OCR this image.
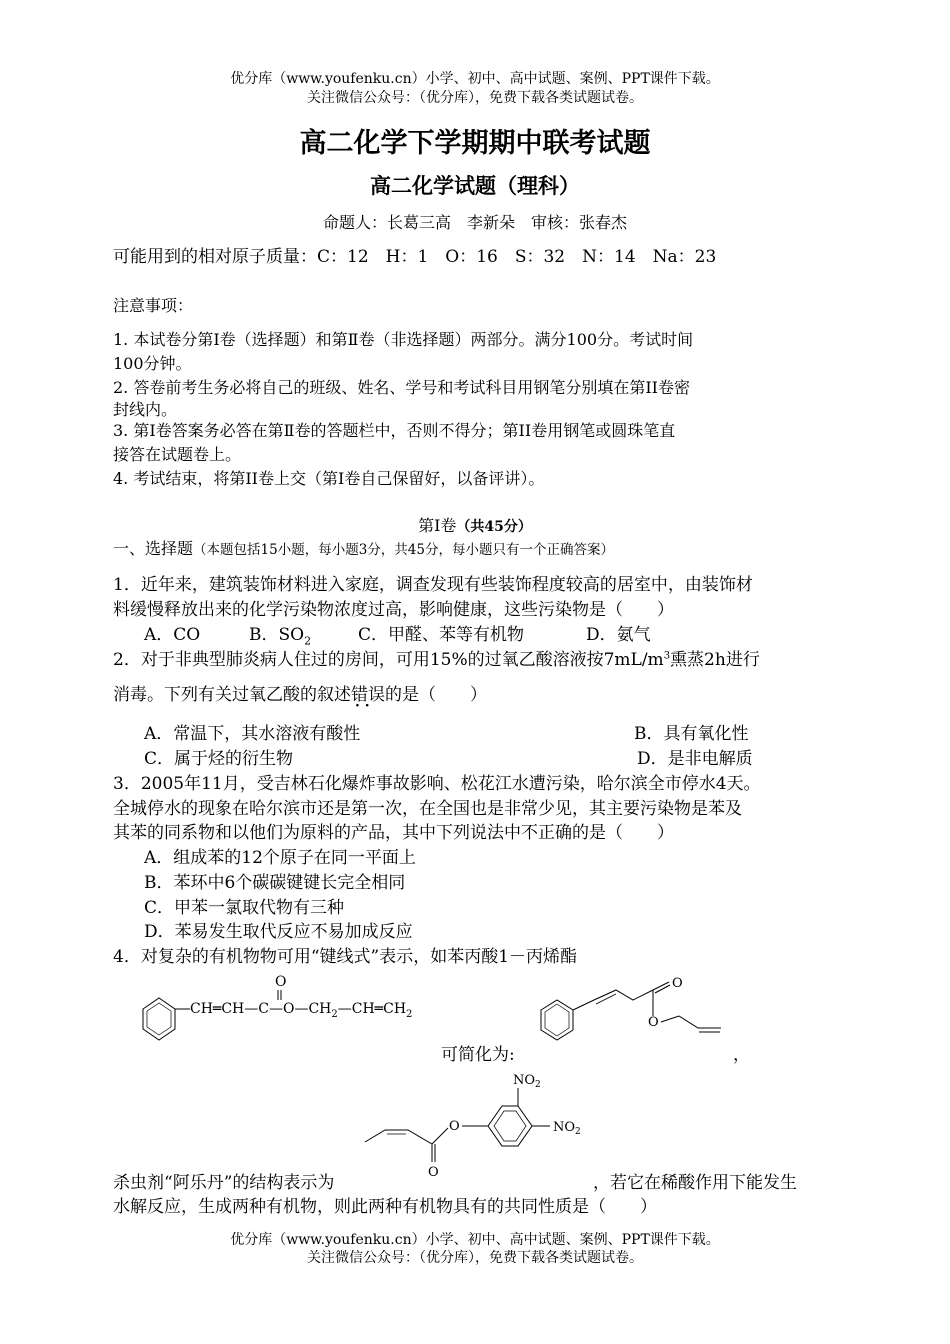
优分库（www.youfenku.cn）小学、初中、高中试题、案例、PPT课件下载。
关注微信公众号：（优分库），免费下载各类试题试卷。
高二化学下学期期中联考试题
高二化学试题（理科）
命题人：长葛三高　李新朵　审核：张春杰
可能用到的相对原子质量：C：12　H：1　O：16　S：32　N：14　Na：23
注意事项：
1. 本试卷分第Ⅰ卷（选择题）和第Ⅱ卷（非选择题）两部分。满分100分。考试时间
100分钟。
2. 答卷前考生务必将自己的班级、姓名、学号和考试科目用钢笔分别填在第II卷密
封线内。
3. 第Ⅰ卷答案务必答在第Ⅱ卷的答题栏中，否则不得分；第II卷用钢笔或圆珠笔直
接答在试题卷上。
4. 考试结束，将第II卷上交（第I卷自己保留好，以备评讲）。
第Ⅰ卷（共45分）
一、选择题（本题包括15小题，每小题3分，共45分，每小题只有一个正确答案）
1．近年来，建筑装饰材料进入家庭，调查发现有些装饰程度较高的居室中，由装饰材
料缓慢释放出来的化学污染物浓度过高，影响健康，这些污染物是（　　）
A．CO	B．$SO_2$	C．甲醛、苯等有机物	D．氨气
2．对于非典型肺炎病人住过的房间，可用15%的过氧乙酸溶液按$7mL/m^3$熏蒸2h进行
消毒。下列有关过氧乙酸的叙述错误 · ·的是（　　）
A．常温下，其水溶液有酸性	B．具有氧化性
C．属于烃的衍生物	D．是非电解质
3．2005年11月，受吉林石化爆炸事故影响、松花江水遭污染，哈尔滨全市停水4天。
全城停水的现象在哈尔滨市还是第一次，在全国也是非常少见，其主要污染物是苯及
其苯的同系物和以他们为原料的产品，其中下列说法中不正确的是（　　）
A．组成苯的12个原子在同一平面上
B．苯环中6个碳碳键键长完全相同
C．甲苯一氯取代物有三种
D．苯易发生取代反应不易加成反应
4．对复杂的有机物物可用“键线式”表示，如苯丙酸1－丙烯酯
O
$CH═CH—C—O—CH_2—CH═CH_2$
O
O
可简化为:	，
$NO_2$
$NO_2$
O
O
杀虫剂“阿乐丹”的结构表示为	，若它在稀酸作用下能发生
水解反应，生成两种有机物，则此两种有机物具有的共同性质是（　　）
优分库（www.youfenku.cn）小学、初中、高中试题、案例、PPT课件下载。
关注微信公众号：（优分库），免费下载各类试题试卷。
